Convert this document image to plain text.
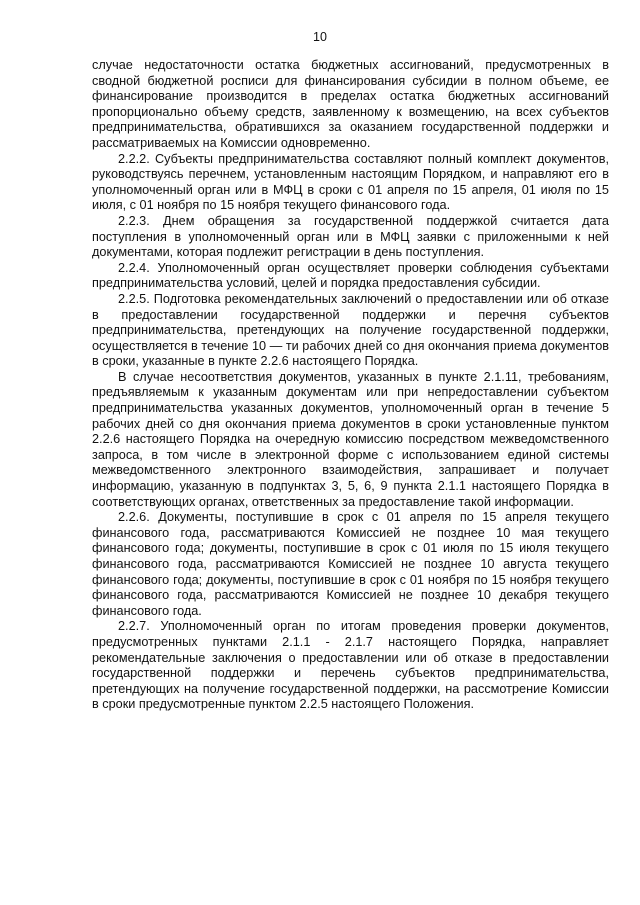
10

случае недостаточности остатка бюджетных ассигнований, предусмотренных в сводной бюджетной росписи для финансирования субсидии в полном объеме, ее финансирование производится в пределах остатка бюджетных ассигнований пропорционально объему средств, заявленному к возмещению, на всех субъектов предпринимательства, обратившихся за оказанием государственной поддержки и рассматриваемых на Комиссии одновременно.

2.2.2. Субъекты предпринимательства составляют полный комплект документов, руководствуясь перечнем, установленным настоящим Порядком, и направляют его в уполномоченный орган или в МФЦ в сроки с 01 апреля по 15 апреля, 01 июля по 15 июля, с 01 ноября по 15 ноября текущего финансового года.

2.2.3. Днем обращения за государственной поддержкой считается дата поступления в уполномоченный орган или в МФЦ заявки с приложенными к ней документами, которая подлежит регистрации в день поступления.

2.2.4. Уполномоченный орган осуществляет проверки соблюдения субъектами предпринимательства условий, целей и порядка предоставления субсидии.

2.2.5. Подготовка рекомендательных заключений о предоставлении или об отказе в предоставлении государственной поддержки и перечня субъектов предпринимательства, претендующих на получение государственной поддержки, осуществляется в течение 10 — ти рабочих дней со дня окончания приема документов в сроки, указанные в пункте 2.2.6 настоящего Порядка.

В случае несоответствия документов, указанных в пункте 2.1.11, требованиям, предъявляемым к указанным документам или при непредоставлении субъектом предпринимательства указанных документов, уполномоченный орган в течение 5 рабочих дней со дня окончания приема документов в сроки установленные пунктом 2.2.6 настоящего Порядка на очередную комиссию посредством межведомственного запроса, в том числе в электронной форме с использованием единой системы межведомственного электронного взаимодействия, запрашивает и получает информацию, указанную в подпунктах 3, 5, 6, 9 пункта 2.1.1 настоящего Порядка в соответствующих органах, ответственных за предоставление такой информации.

2.2.6. Документы, поступившие в срок с 01 апреля по 15 апреля текущего финансового года, рассматриваются Комиссией не позднее 10 мая текущего финансового года; документы, поступившие в срок с 01 июля по 15 июля текущего финансового года, рассматриваются Комиссией не позднее 10 августа текущего финансового года; документы, поступившие в срок с 01 ноября по 15 ноября текущего финансового года, рассматриваются Комиссией не позднее 10 декабря текущего финансового года.

2.2.7. Уполномоченный орган по итогам проведения проверки документов, предусмотренных пунктами 2.1.1 - 2.1.7 настоящего Порядка, направляет рекомендательные заключения о предоставлении или об отказе в предоставлении государственной поддержки и перечень субъектов предпринимательства, претендующих на получение государственной поддержки, на рассмотрение Комиссии в сроки предусмотренные пунктом 2.2.5 настоящего Положения.
